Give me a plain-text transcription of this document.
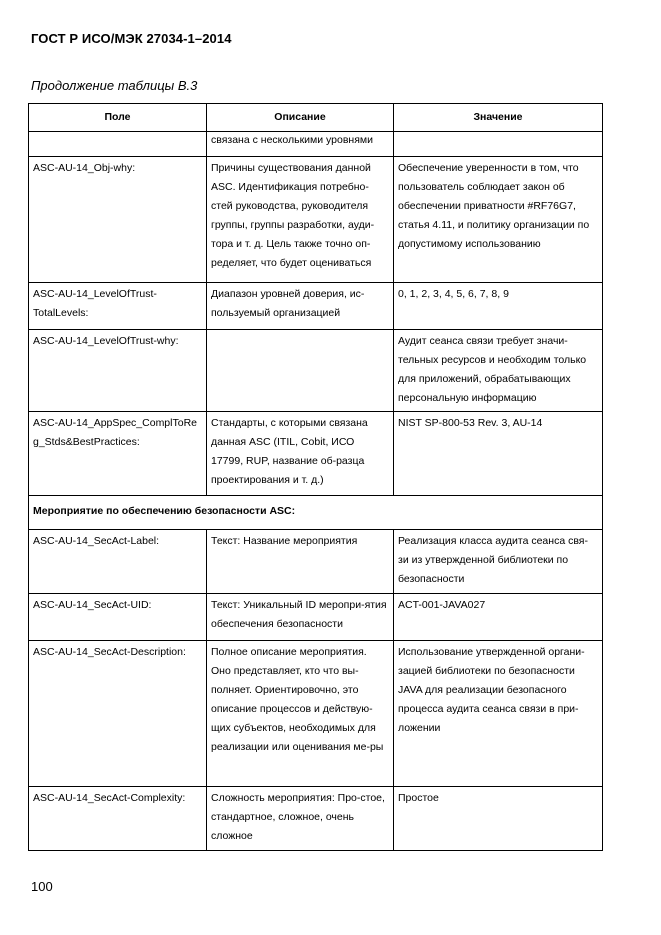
ГОСТ Р ИСО/МЭК 27034-1–2014
Продолжение таблицы В.3
Поле	Описание	Значение
	связана с несколькими уровнями	
ASC-AU-14_Obj-why:	Причины существования данной ASC. Идентификация потребно-стей руководства, руководителя группы, группы разработки, ауди-тора и т. д. Цель также точно оп-ределяет, что будет оцениваться	Обеспечение уверенности в том, что пользователь соблюдает закон об обеспечении приватности #RF76G7, статья 4.11, и политику организации по допустимому использованию
ASC-AU-14_LevelOfTrust-TotalLevels:	Диапазон уровней доверия, ис-пользуемый организацией	0, 1, 2, 3, 4, 5, 6, 7, 8, 9
ASC-AU-14_LevelOfTrust-why:		Аудит сеанса связи требует значи-тельных ресурсов и необходим только для приложений, обрабатывающих персональную информацию
ASC-AU-14_AppSpec_ComplToReg_Stds&BestPractices:	Стандарты, с которыми связана данная ASC (ITIL, Cobit, ИСО 17799, RUP, название об-разца проектирования и т. д.)	NIST SP-800-53 Rev. 3, AU-14
Мероприятие по обеспечению безопасности ASC:		
ASC-AU-14_SecAct-Label:	Текст: Название мероприятия	Реализация класса аудита сеанса свя-зи из утвержденной библиотеки по безопасности
ASC-AU-14_SecAct-UID:	Текст: Уникальный ID меропри-ятия обеспечения безопасности	ACT-001-JAVA027
ASC-AU-14_SecAct-Description:	Полное описание мероприятия. Оно представляет, кто что вы-полняет. Ориентировочно, это описание процессов и действую-щих субъектов, необходимых для реализации или оценивания ме-ры	Использование утвержденной органи-зацией библиотеки по безопасности JAVA для реализации безопасного процесса аудита сеанса связи в при-ложении
ASC-AU-14_SecAct-Complexity:	Сложность мероприятия: Про-стое, стандартное, сложное, очень сложное	Простое
100
